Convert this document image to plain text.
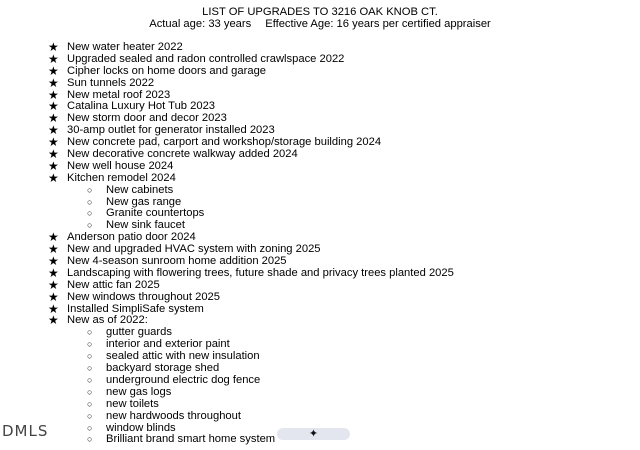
LIST OF UPGRADES TO 3216 OAK KNOB CT.
Actual age: 33 years Effective Age: 16 years per certified appraiser
★ New water heater 2022
★ Upgraded sealed and radon controlled crawlspace 2022
★ Cipher locks on home doors and garage
★ Sun tunnels 2022
★ New metal roof 2023
★ Catalina Luxury Hot Tub 2023
★ New storm door and decor 2023
★ 30-amp outlet for generator installed 2023
★ New concrete pad, carport and workshop/storage building 2024
★ New decorative concrete walkway added 2024
★ New well house 2024
★ Kitchen remodel 2024
○ New cabinets
○ New gas range
○ Granite countertops
○ New sink faucet
★ Anderson patio door 2024
★ New and upgraded HVAC system with zoning 2025
★ New 4-season sunroom home addition 2025
★ Landscaping with flowering trees, future shade and privacy trees planted 2025
★ New attic fan 2025
★ New windows throughout 2025
★ Installed SimpliSafe system
★ New as of 2022:
○ gutter guards
○ interior and exterior paint
○ sealed attic with new insulation
○ backyard storage shed
○ underground electric dog fence
○ new gas logs
○ new toilets
○ new hardwoods throughout
○ window blinds
○ Brilliant brand smart home system
DMLS	✦
